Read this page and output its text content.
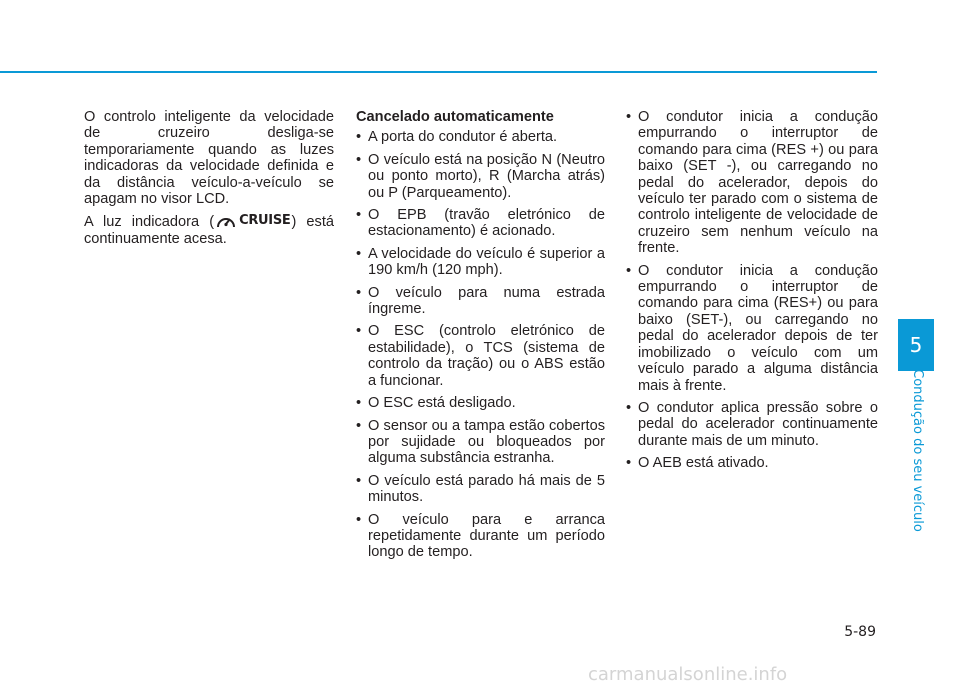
O controlo inteligente da velocidade de cruzeiro desliga-se temporariamente quando as luzes indicadoras da velocidade definida e da distância veículo-a-veículo se apagam no visor LCD.

A luz indicadora ( CRUISE ) está continuamente acesa.

Cancelado automaticamente
• A porta do condutor é aberta.
• O veículo está na posição N (Neutro ou ponto morto), R (Marcha atrás) ou P (Parqueamento).
• O EPB (travão eletrónico de estacionamento) é acionado.
• A velocidade do veículo é superior a 190 km/h (120 mph).
• O veículo para numa estrada íngreme.
• O ESC (controlo eletrónico de estabilidade), o TCS (sistema de controlo da tração) ou o ABS estão a funcionar.
• O ESC está desligado.
• O sensor ou a tampa estão cobertos por sujidade ou bloqueados por alguma substância estranha.
• O veículo está parado há mais de 5 minutos.
• O veículo para e arranca repetidamente durante um período longo de tempo.
• O condutor inicia a condução empurrando o interruptor de comando para cima (RES +) ou para baixo (SET -), ou carregando no pedal do acelerador, depois do veículo ter parado com o sistema de controlo inteligente de velocidade de cruzeiro sem nenhum veículo na frente.
• O condutor inicia a condução empurrando o interruptor de comando para cima (RES+) ou para baixo (SET-), ou carregando no pedal do acelerador depois de ter imobilizado o veículo com um veículo parado a alguma distância mais à frente.
• O condutor aplica pressão sobre o pedal do acelerador continuamente durante mais de um minuto.
• O AEB está ativado.
5
Condução do seu veículo
5-89
carmanualsonline.info
